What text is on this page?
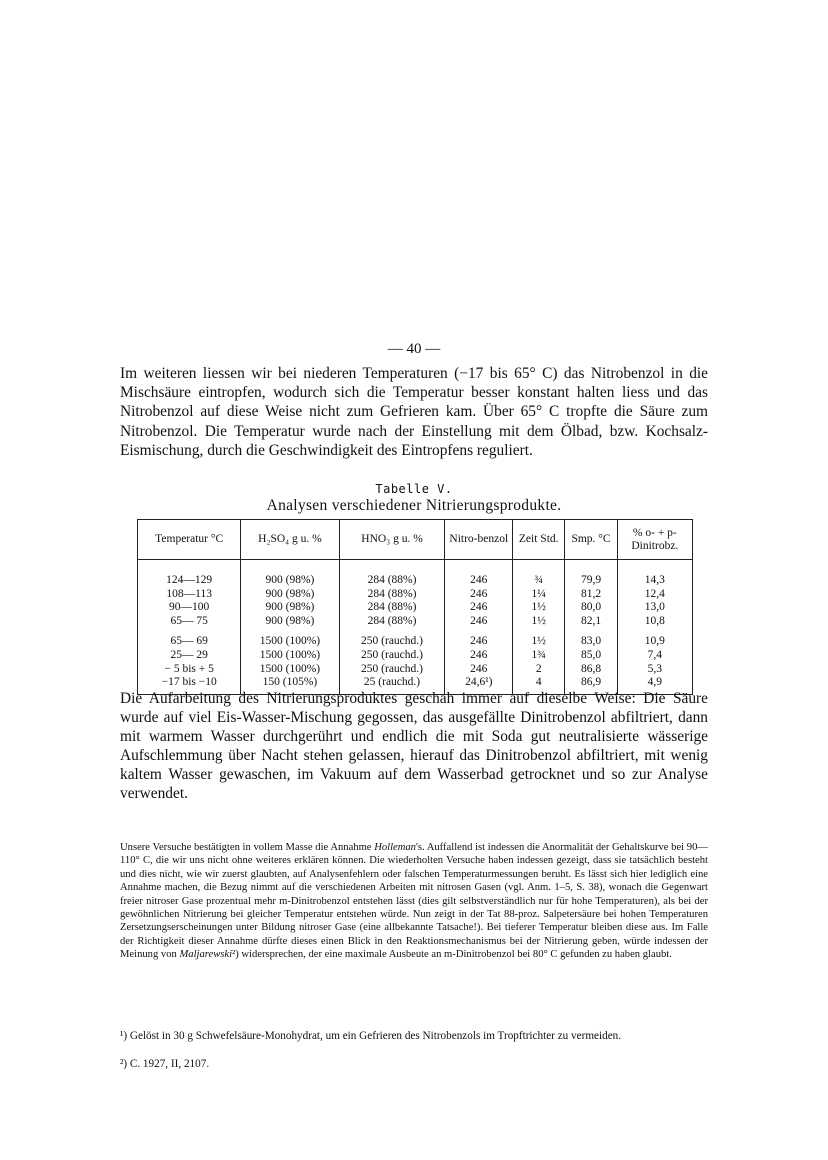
— 40 —

Im weiteren liessen wir bei niederen Temperaturen (−17 bis 65° C) das Nitrobenzol in die Mischsäure eintropfen, wodurch sich die Temperatur besser konstant halten liess und das Nitrobenzol auf diese Weise nicht zum Gefrieren kam. Über 65° C tropfte die Säure zum Nitrobenzol. Die Temperatur wurde nach der Einstellung mit dem Ölbad, bzw. Kochsalz-Eismischung, durch die Geschwindigkeit des Eintropfens reguliert.

Tabelle V.
Analysen verschiedener Nitrierungsprodukte.
Temperatur °C	H₂SO₄ g u. %	HNO₃ g u. %	Nitro-benzol	Zeit Std.	Smp. °C	% o- + p-Dinitrobz.
124—129	900 (98%)	284 (88%)	246	¾	79,9	14,3
108—113	900 (98%)	284 (88%)	246	1¼	81,2	12,4
90—100	900 (98%)	284 (88%)	246	1½	80,0	13,0
65— 75	900 (98%)	284 (88%)	246	1½	82,1	10,8
65— 69	1500 (100%)	250 (rauchd.)	246	1½	83,0	10,9
25— 29	1500 (100%)	250 (rauchd.)	246	1¾	85,0	7,4
− 5 bis + 5	1500 (100%)	250 (rauchd.)	246	2	86,8	5,3
−17 bis −10	150 (105%)	25 (rauchd.)	24,6¹)	4	86,9	4,9

Die Aufarbeitung des Nitrierungsproduktes geschah immer auf dieselbe Weise: Die Säure wurde auf viel Eis-Wasser-Mischung gegossen, das ausgefällte Dinitrobenzol abfiltriert, dann mit warmem Wasser durchgerührt und endlich die mit Soda gut neutralisierte wässerige Aufschlemmung über Nacht stehen gelassen, hierauf das Dinitrobenzol abfiltriert, mit wenig kaltem Wasser gewaschen, im Vakuum auf dem Wasserbad getrocknet und so zur Analyse verwendet.

Unsere Versuche bestätigten in vollem Masse die Annahme Holleman's. Auffallend ist indessen die Anormalität der Gehaltskurve bei 90—110° C, die wir uns nicht ohne weiteres erklären können. Die wiederholten Versuche haben indessen gezeigt, dass sie tatsächlich besteht und dies nicht, wie wir zuerst glaubten, auf Analysenfehlern oder falschen Temperaturmessungen beruht. Es lässt sich hier lediglich eine Annahme machen, die Bezug nimmt auf die verschiedenen Arbeiten mit nitrosen Gasen (vgl. Anm. 1–5, S. 38), wonach die Gegenwart freier nitroser Gase prozentual mehr m-Dinitrobenzol entstehen lässt (dies gilt selbstverständlich nur für hohe Temperaturen), als bei der gewöhnlichen Nitrierung bei gleicher Temperatur entstehen würde. Nun zeigt in der Tat 88-proz. Salpetersäure bei hohen Temperaturen Zersetzungserscheinungen unter Bildung nitroser Gase (eine allbekannte Tatsache!). Bei tieferer Temperatur bleiben diese aus. Im Falle der Richtigkeit dieser Annahme dürfte dieses einen Blick in den Reaktionsmechanismus bei der Nitrierung geben, würde indessen der Meinung von Maljarewski²) widersprechen, der eine maximale Ausbeute an m-Dinitrobenzol bei 80° C gefunden zu haben glaubt.

¹) Gelöst in 30 g Schwefelsäure-Monohydrat, um ein Gefrieren des Nitrobenzols im Tropftrichter zu vermeiden.

²) C. 1927, II, 2107.
